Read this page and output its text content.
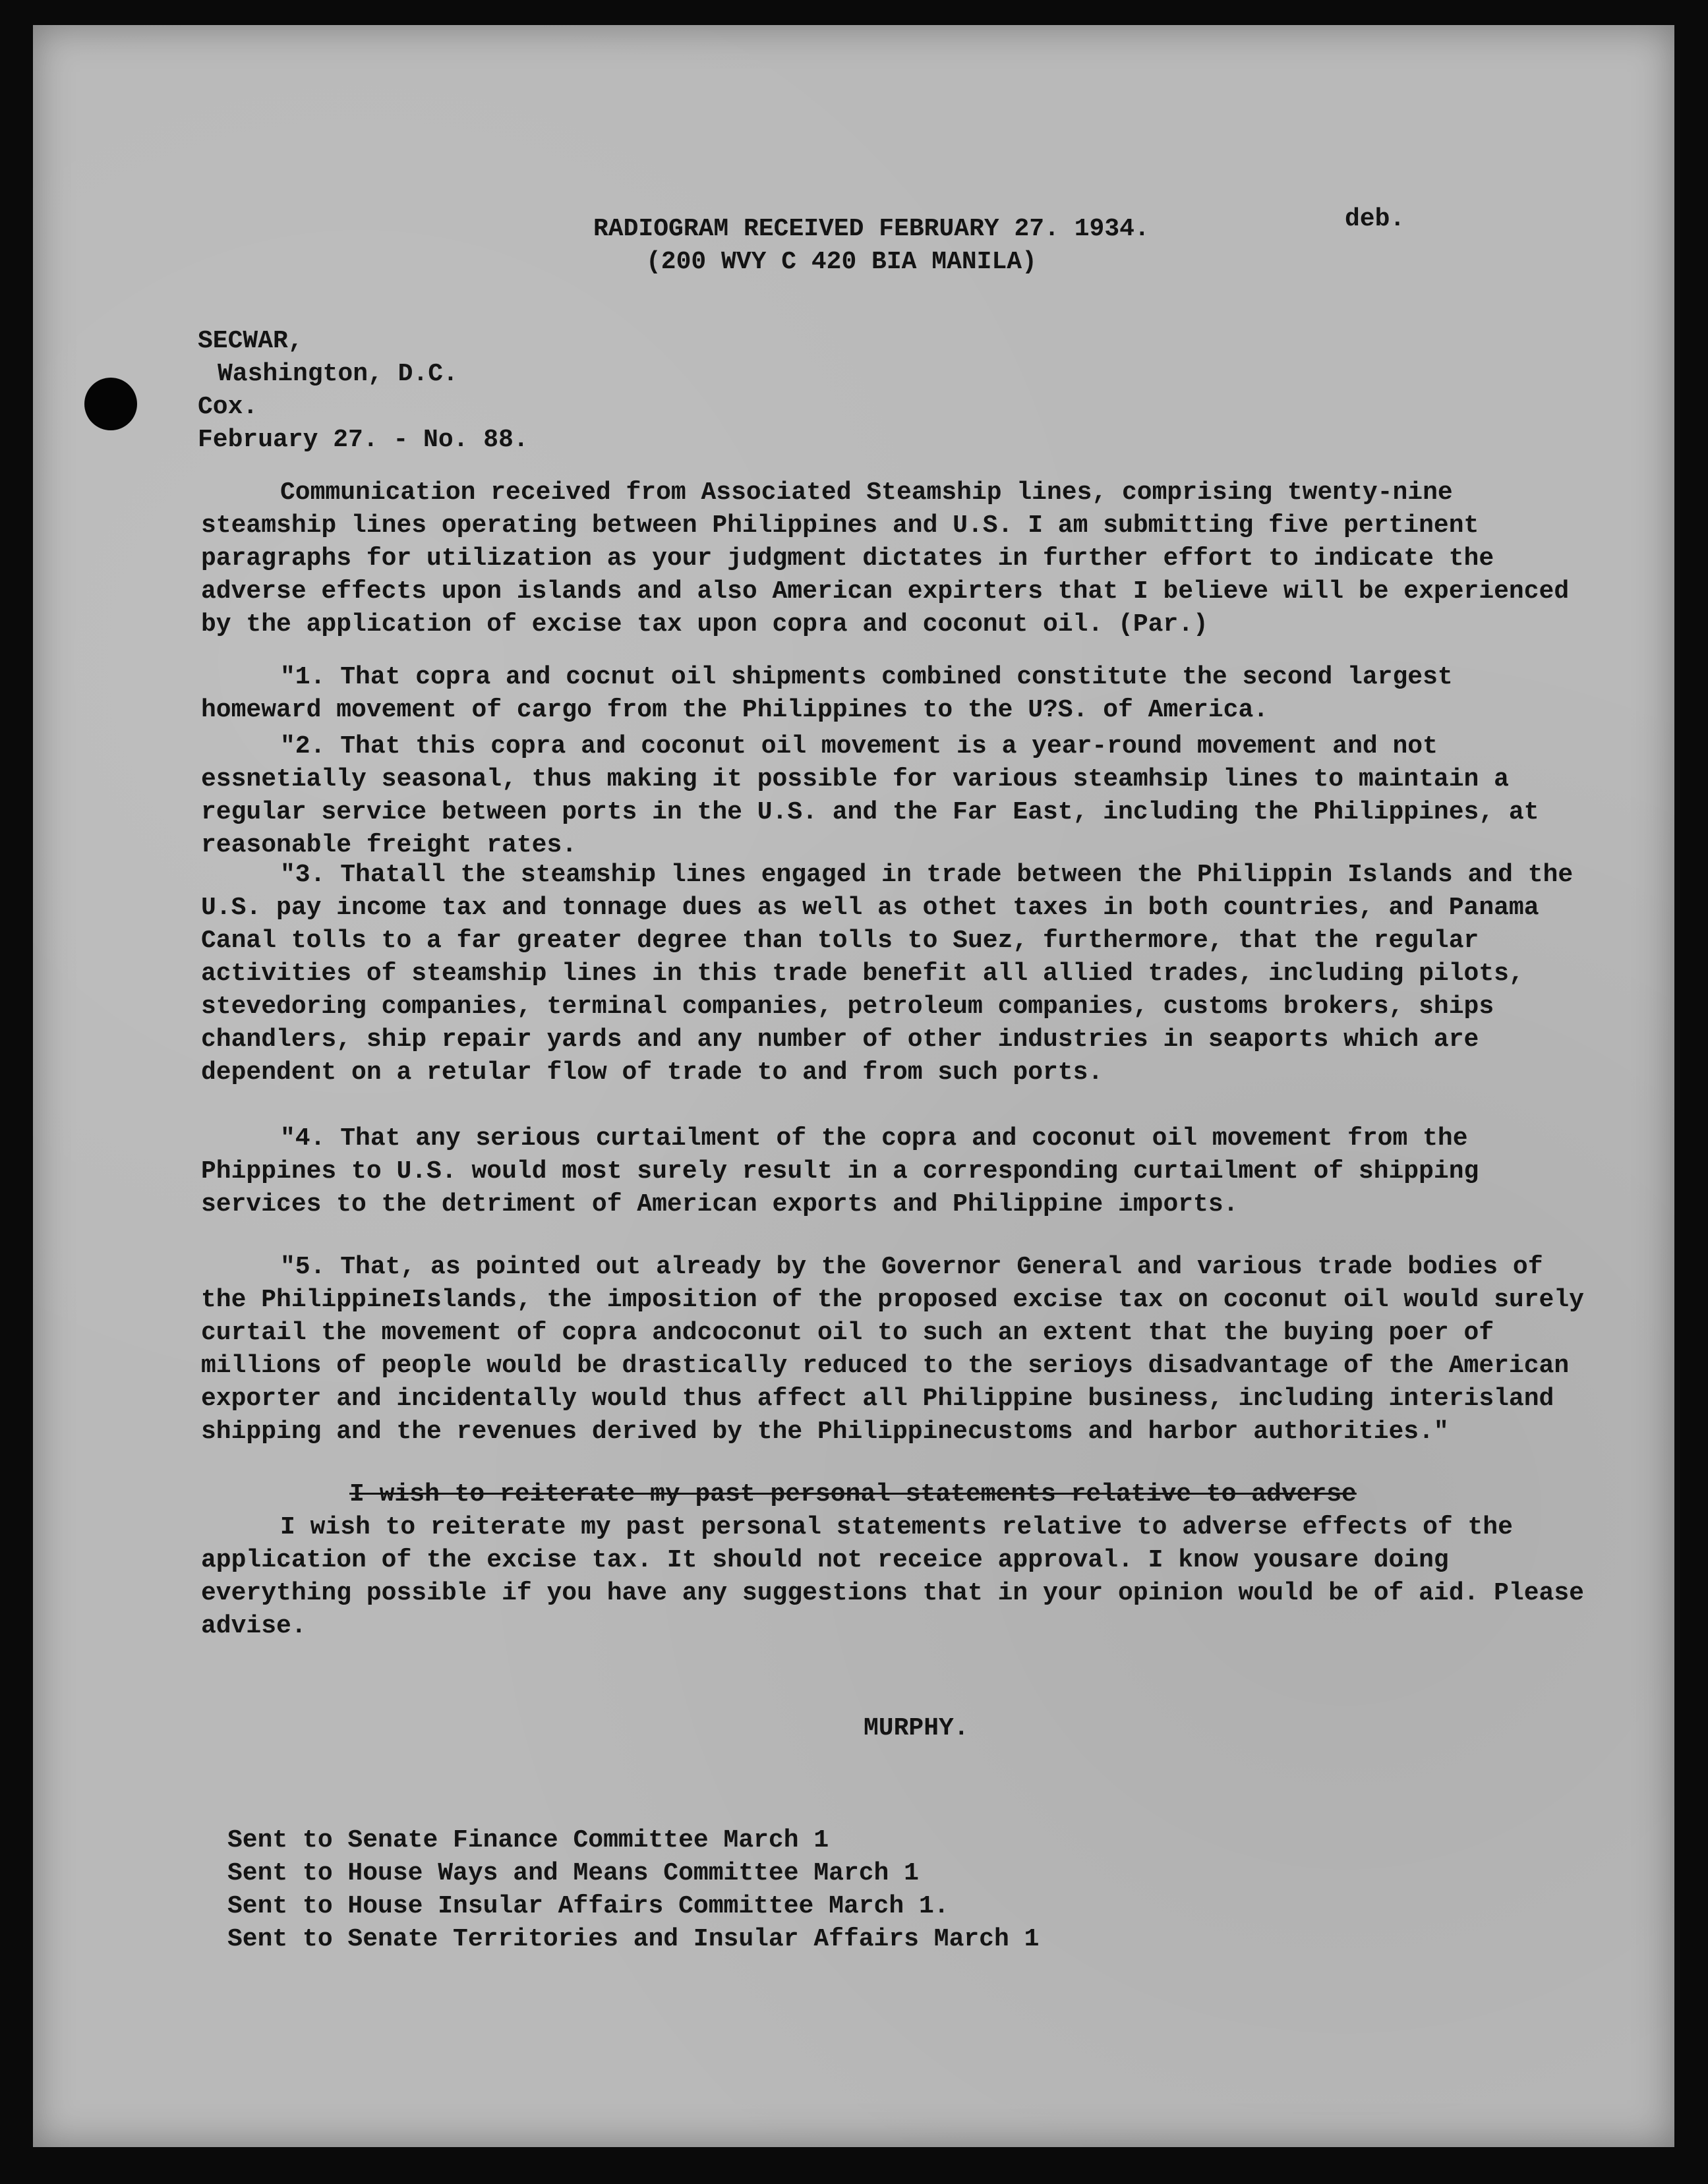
RADIOGRAM RECEIVED FEBRUARY 27. 1934.	deb.
(200 WVY C 420 BIA MANILA)
SECWAR,
Washington, D.C.
Cox.
February 27. - No. 88.
Communication received from Associated Steamship lines, comprising twenty-nine steamship lines operating between Philippines and U.S. I am submitting five pertinent paragraphs for utilization as your judgment dictates in further effort to indicate the adverse effects upon islands and also American expirters that I believe will be experienced by the application of excise tax upon copra and coconut oil. (Par.)
"1. That copra and cocnut oil shipments combined constitute the second largest homeward movement of cargo from the Philippines to the U?S. of America.
"2. That this copra and coconut oil movement is a year-round movement and not essnetially seasonal, thus making it possible for various steamhsip lines to maintain a regular service between ports in the U.S. and the Far East, including the Philippines, at reasonable freight rates.
"3. Thatall the steamship lines engaged in trade between the Philippin Islands and the U.S. pay income tax and tonnage dues as well as othet taxes in both countries, and Panama Canal tolls to a far greater degree than tolls to Suez, furthermore, that the regular activities of steamship lines in this trade benefit all allied trades, including pilots, stevedoring companies, terminal companies, petroleum companies, customs brokers, ships chandlers, ship repair yards and any number of other industries in seaports which are dependent on a retular flow of trade to and from such ports.
"4. That any serious curtailment of the copra and coconut oil movement from the Phippines to U.S. would most surely result in a corresponding curtailment of shipping services to the detriment of American exports and Philippine imports.
"5. That, as pointed out already by the Governor General and various trade bodies of the PhilippineIslands, the imposition of the proposed excise tax on coconut oil would surely curtail the movement of copra andcoconut oil to such an extent that the buying poer of millions of people would be drastically reduced to the serioys disadvantage of the American exporter and incidentally would thus affect all Philippine business, including interisland shipping and the revenues derived by the Philippinecustoms and harbor authorities."
I wish to reiterate my past personal statements relative to adverse
I wish to reiterate my past personal statements relative to adverse effects of the application of the excise tax. It should not receice approval. I know yousare doing everything possible if you have any suggestions that in your opinion would be of aid. Please advise.
MURPHY.
Sent to Senate Finance Committee March 1
Sent to House Ways and Means Committee March 1
Sent to House Insular Affairs Committee March 1.
Sent to Senate Territories and Insular Affairs March 1
